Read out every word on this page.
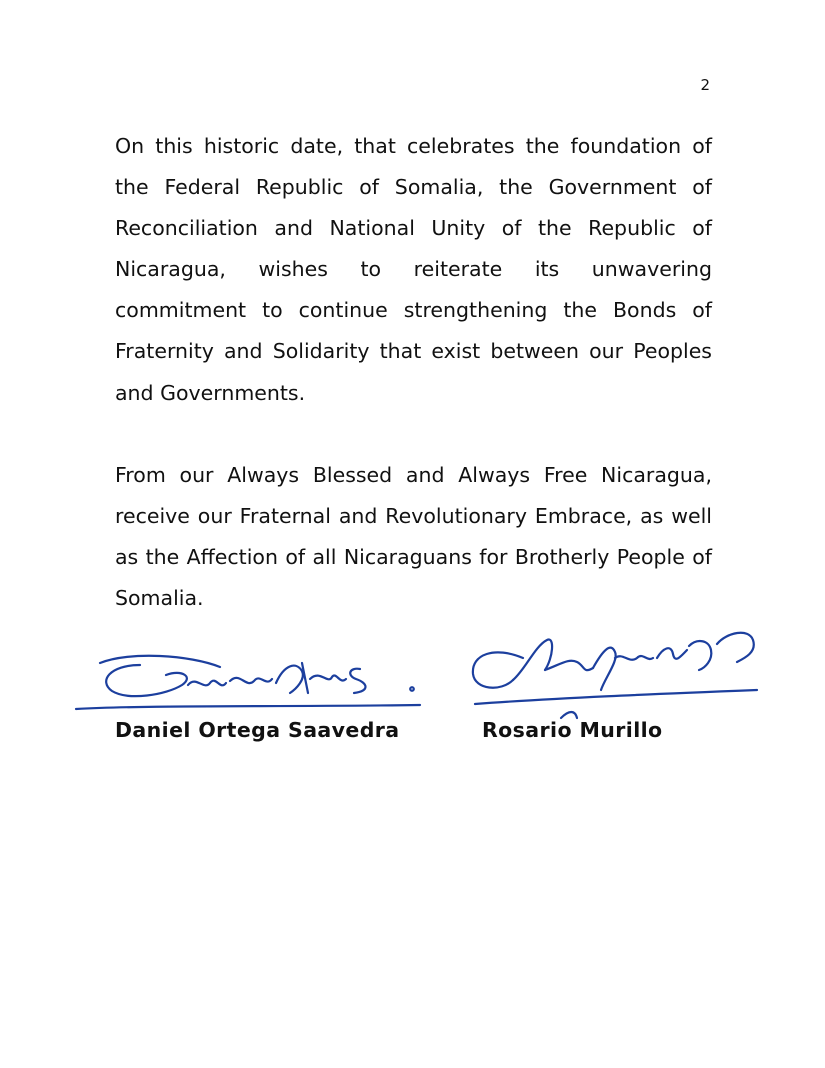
2

On this historic date, that celebrates the foundation of the Federal Republic of Somalia, the Government of Reconciliation and National Unity of the Republic of Nicaragua, wishes to reiterate its unwavering commitment to continue strengthening the Bonds of Fraternity and Solidarity that exist between our Peoples and Governments.

From our Always Blessed and Always Free Nicaragua, receive our Fraternal and Revolutionary Embrace, as well as the Affection of all Nicaraguans for Brotherly People of Somalia.

Daniel Ortega Saavedra	Rosario Murillo
